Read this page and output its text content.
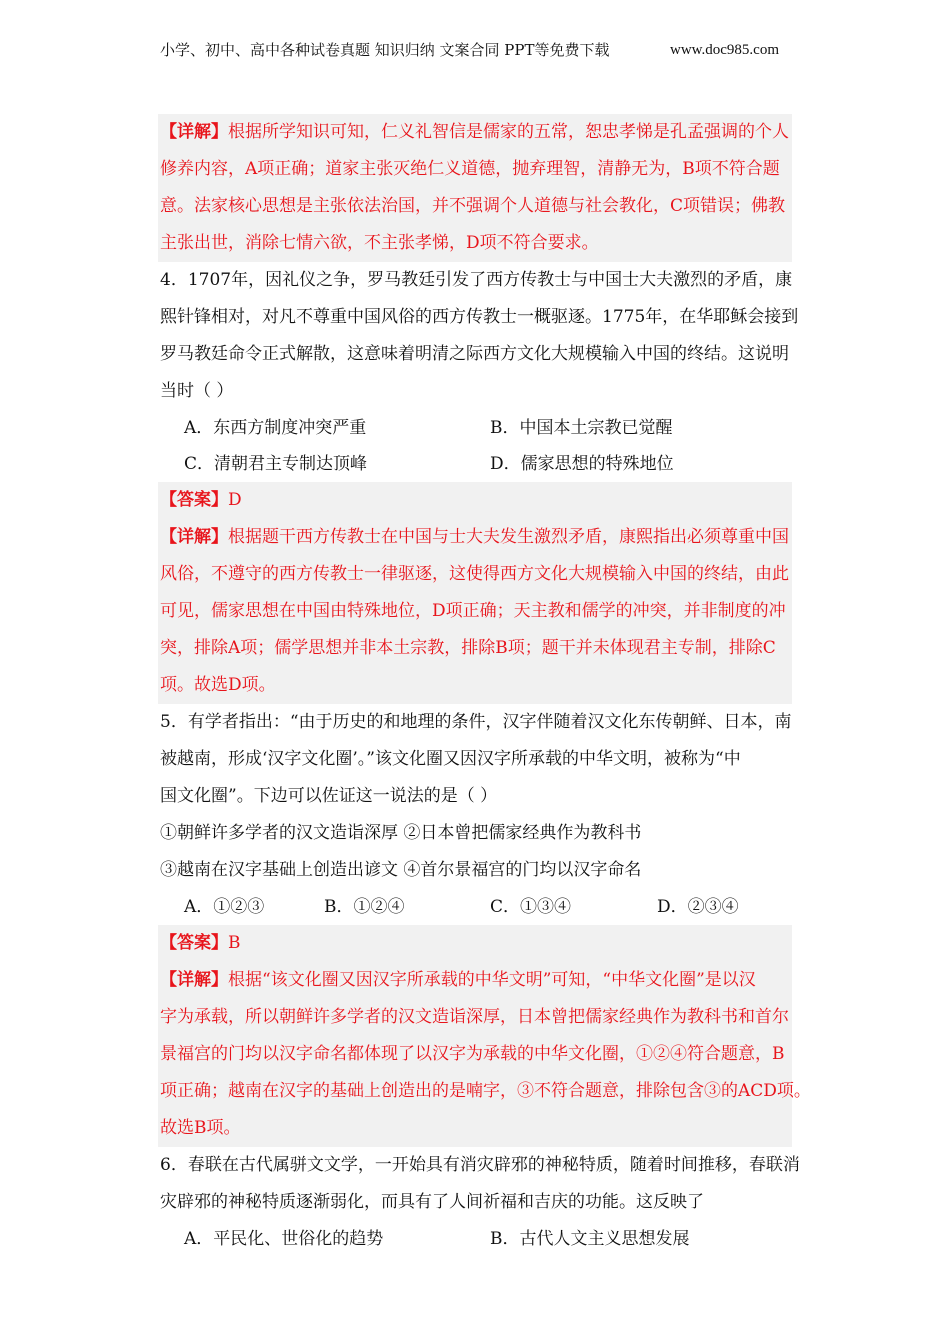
小学、初中、高中各种试卷真题 知识归纳 文案合同 PPT等免费下载	www.doc985.com
【详解】根据所学知识可知，仁义礼智信是儒家的五常，恕忠孝悌是孔孟强调的个人
修养内容，A项正确；道家主张灭绝仁义道德，抛弃理智，清静无为，B项不符合题
意。法家核心思想是主张依法治国，并不强调个人道德与社会教化，C项错误；佛教
主张出世，消除七情六欲，不主张孝悌，D项不符合要求。
4．1707年，因礼仪之争，罗马教廷引发了西方传教士与中国士大夫激烈的矛盾，康
熙针锋相对，对凡不尊重中国风俗的西方传教士一概驱逐。1775年，在华耶稣会接到
罗马教廷命令正式解散，这意味着明清之际西方文化大规模输入中国的终结。这说明
当时（ ）
A．东西方制度冲突严重	B．中国本土宗教已觉醒
C．清朝君主专制达顶峰	D．儒家思想的特殊地位
【答案】D
【详解】根据题干西方传教士在中国与士大夫发生激烈矛盾，康熙指出必须尊重中国
风俗，不遵守的西方传教士一律驱逐，这使得西方文化大规模输入中国的终结，由此
可见，儒家思想在中国由特殊地位，D项正确；天主教和儒学的冲突，并非制度的冲
突，排除A项；儒学思想并非本土宗教，排除B项；题干并未体现君主专制，排除C
项。故选D项。
5．有学者指出：“由于历史的和地理的条件，汉字伴随着汉文化东传朝鲜、日本，南
被越南，形成‘汉字文化圈’。”该文化圈又因汉字所承载的中华文明，被称为“中
国文化圈”。下边可以佐证这一说法的是（ ）
①朝鲜许多学者的汉文造诣深厚 ②日本曾把儒家经典作为教科书
③越南在汉字基础上创造出谚文 ④首尔景福宫的门均以汉字命名
A．①②③	B．①②④	C．①③④	D．②③④
【答案】B
【详解】根据“该文化圈又因汉字所承载的中华文明”可知，“中华文化圈”是以汉
字为承载，所以朝鲜许多学者的汉文造诣深厚，日本曾把儒家经典作为教科书和首尔
景福宫的门均以汉字命名都体现了以汉字为承载的中华文化圈，①②④符合题意，B
项正确；越南在汉字的基础上创造出的是喃字，③不符合题意，排除包含③的ACD项。
故选B项。
6．春联在古代属骈文文学，一开始具有消灾辟邪的神秘特质，随着时间推移，春联消
灾辟邪的神秘特质逐渐弱化，而具有了人间祈福和吉庆的功能。这反映了
A．平民化、世俗化的趋势	B．古代人文主义思想发展
